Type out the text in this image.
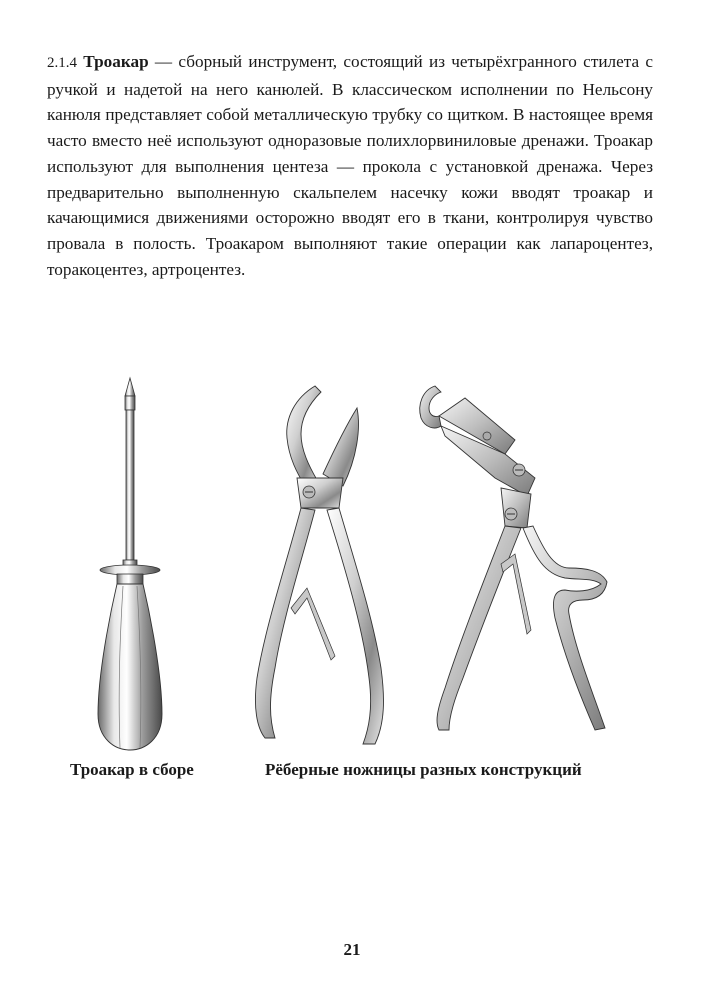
2.1.4 Троакар — сборный инструмент, состоящий из четырёхгранного стилета с ручкой и надетой на него канюлей. В классическом исполнении по Нельсону канюля представляет собой металлическую трубку со щитком. В настоящее время часто вместо неё используют одноразовые полихлорвиниловые дренажи. Троакар используют для выполнения центеза — прокола с установкой дренажа. Через предварительно выполненную скальпелем насечку кожи вводят троакар и качающимися движениями осторожно вводят его в ткани, контролируя чувство провала в полость. Троакаром выполняют такие операции как лапароцентез, торакоцентез, артроцентез.

Троакар в сборе	Рёберные ножницы разных конструкций
21
